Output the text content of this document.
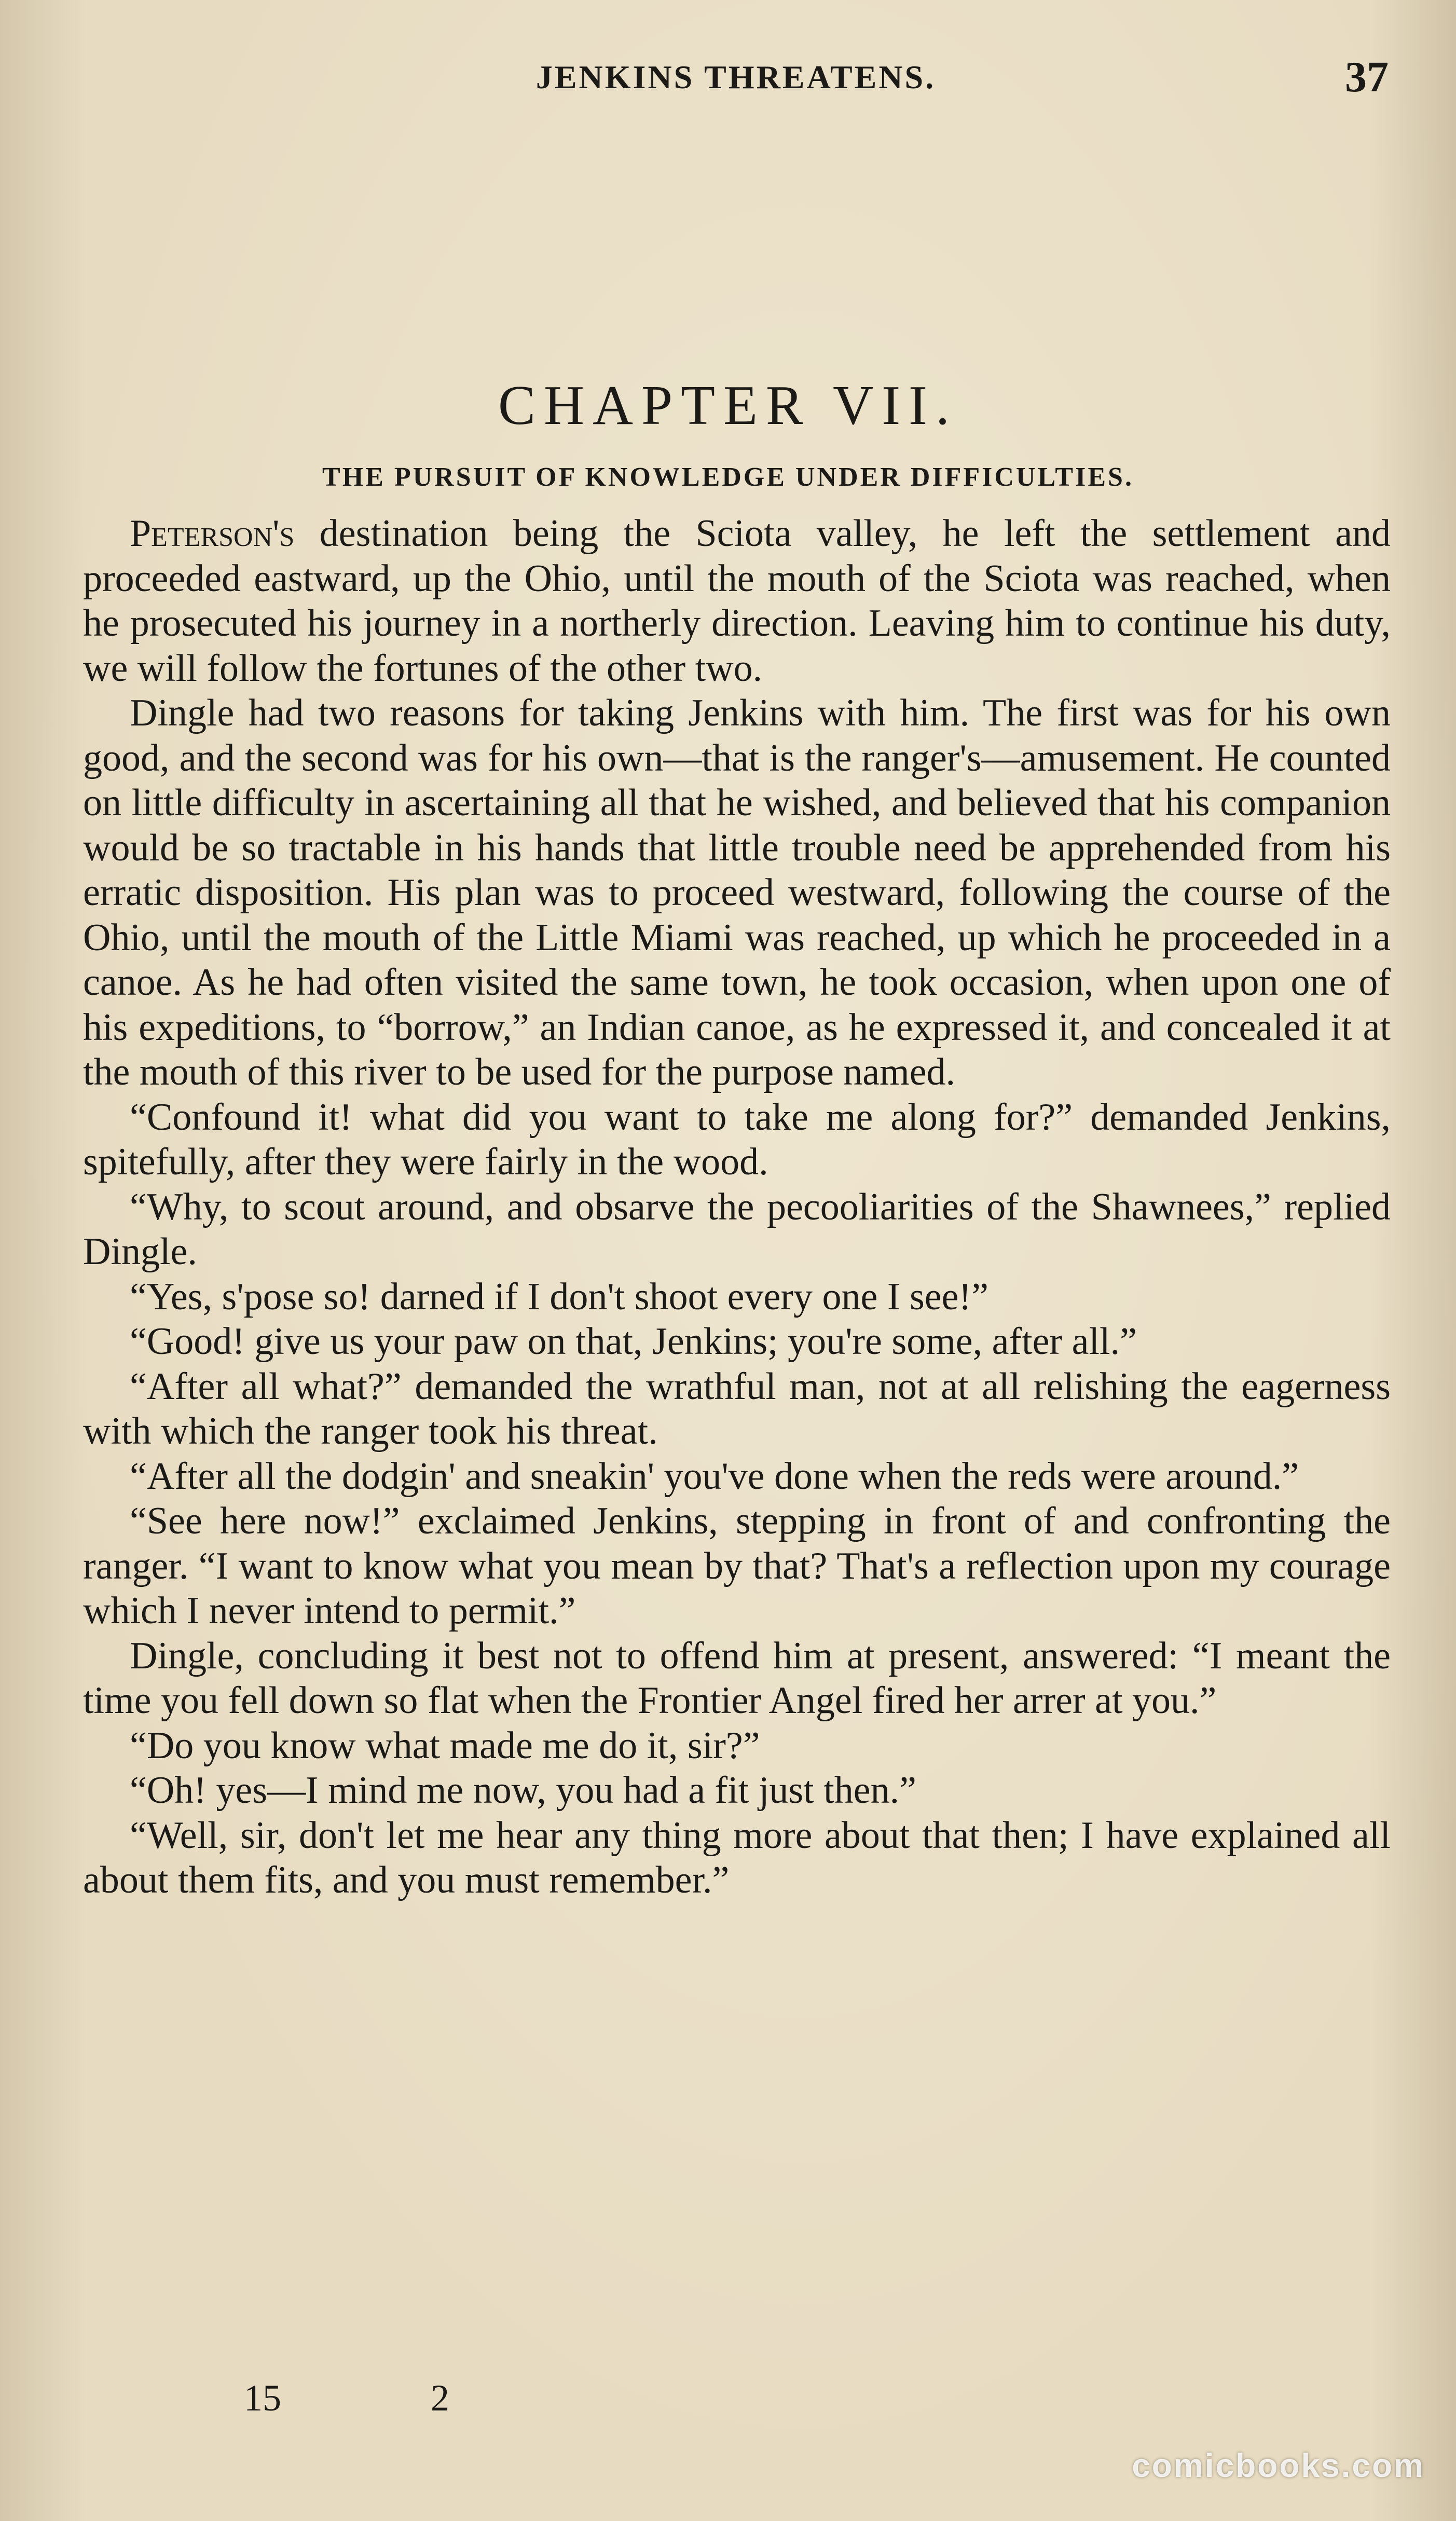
JENKINS THREATENS.	37
CHAPTER VII.
THE PURSUIT OF KNOWLEDGE UNDER DIFFICULTIES.

Peterson's destination being the Sciota valley, he left the settlement and proceeded eastward, up the Ohio, until the mouth of the Sciota was reached, when he prosecuted his journey in a northerly direction. Leaving him to continue his duty, we will follow the fortunes of the other two.

Dingle had two reasons for taking Jenkins with him. The first was for his own good, and the second was for his own—that is the ranger's—amusement. He counted on little difficulty in ascertaining all that he wished, and believed that his companion would be so tractable in his hands that little trouble need be apprehended from his erratic disposition. His plan was to proceed westward, following the course of the Ohio, until the mouth of the Little Miami was reached, up which he proceeded in a canoe. As he had often visited the same town, he took occasion, when upon one of his expeditions, to “borrow,” an Indian canoe, as he expressed it, and concealed it at the mouth of this river to be used for the purpose named.

“Confound it! what did you want to take me along for?” demanded Jenkins, spitefully, after they were fairly in the wood.

“Why, to scout around, and obsarve the pecooliarities of the Shawnees,” replied Dingle.

“Yes, s'pose so! darned if I don't shoot every one I see!”

“Good! give us your paw on that, Jenkins; you're some, after all.”

“After all what?” demanded the wrathful man, not at all relishing the eagerness with which the ranger took his threat.

“After all the dodgin' and sneakin' you've done when the reds were around.”

“See here now!” exclaimed Jenkins, stepping in front of and confronting the ranger. “I want to know what you mean by that? That's a reflection upon my courage which I never intend to permit.”

Dingle, concluding it best not to offend him at present, answered: “I meant the time you fell down so flat when the Frontier Angel fired her arrer at you.”

“Do you know what made me do it, sir?”

“Oh! yes—I mind me now, you had a fit just then.”

“Well, sir, don't let me hear any thing more about that then; I have explained all about them fits, and you must remember.”

15	2
comicbooks.com
